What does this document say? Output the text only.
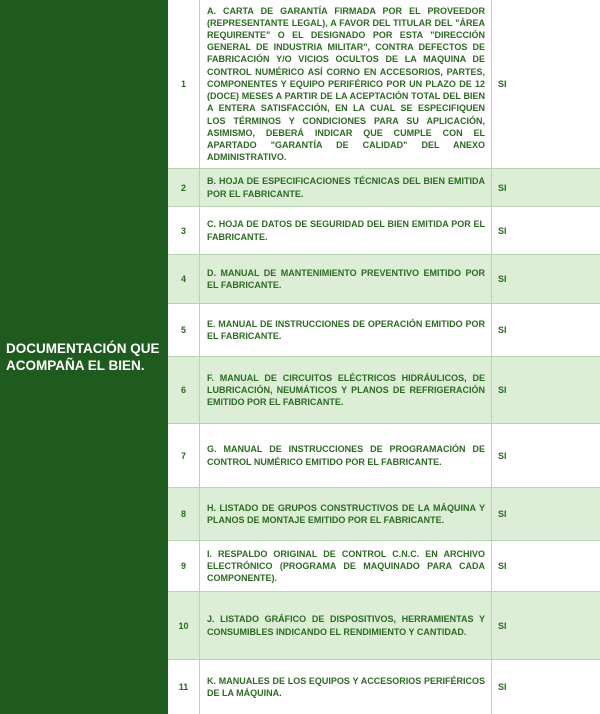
DOCUMENTACIÓN QUE ACOMPAÑA EL BIEN.
1
A. CARTA DE GARANTÍA FIRMADA POR EL PROVEEDOR (REPRESENTANTE LEGAL), A FAVOR DEL TITULAR DEL "ÁREA REQUIRENTE" O EL DESIGNADO POR ESTA "DIRECCIÓN GENERAL DE INDUSTRIA MILITAR", CONTRA DEFECTOS DE FABRICACIÓN Y/O VICIOS OCULTOS DE LA MAQUINA DE CONTROL NUMÉRICO ASÍ CORNO EN ACCESORIOS, PARTES, COMPONENTES Y EQUIPO PERIFÉRICO POR UN PLAZO DE 12 (DOCE) MESES A PARTIR DE LA ACEPTACIÓN TOTAL DEL BIEN A ENTERA SATISFACCIÓN, EN LA CUAL SE ESPECIFIQUEN LOS TÉRMINOS Y CONDICIONES PARA SU APLICACIÓN, ASIMISMO, DEBERÁ INDICAR QUE CUMPLE CON EL APARTADO "GARANTÍA DE CALIDAD" DEL ANEXO ADMINISTRATIVO.
SI
2
B. HOJA DE ESPECIFICACIONES TÉCNICAS DEL BIEN EMITIDA POR EL FABRICANTE.
SI
3
C. HOJA DE DATOS DE SEGURIDAD DEL BIEN EMITIDA POR EL FABRICANTE.
SI
4
D. MANUAL DE MANTENIMIENTO PREVENTIVO EMITIDO POR EL FABRICANTE.
SI
5
E. MANUAL DE INSTRUCCIONES DE OPERACIÓN EMITIDO POR EL FABRICANTE.
SI
6
F. MANUAL DE CIRCUITOS ELÉCTRICOS HIDRÁULICOS, DE LUBRICACIÓN, NEUMÁTICOS Y PLANOS DE REFRIGERACIÓN EMITIDO POR EL FABRICANTE.
SI
7
G. MANUAL DE INSTRUCCIONES DE PROGRAMACIÓN DE CONTROL NUMÉRICO EMITIDO POR EL FABRICANTE.
SI
8
H. LISTADO DE GRUPOS CONSTRUCTIVOS DE LA MÁQUINA Y PLANOS DE MONTAJE EMITIDO POR EL FABRICANTE.
SI
9
I. RESPALDO ORIGINAL DE CONTROL C.N.C. EN ARCHIVO ELECTRÓNICO (PROGRAMA DE MAQUINADO PARA CADA COMPONENTE).
SI
10
J. LISTADO GRÁFICO DE DISPOSITIVOS, HERRAMIENTAS Y CONSUMIBLES INDICANDO EL RENDIMIENTO Y CANTIDAD.
SI
11
K. MANUALES DE LOS EQUIPOS Y ACCESORIOS PERIFÉRICOS DE LA MÁQUINA.
SI
